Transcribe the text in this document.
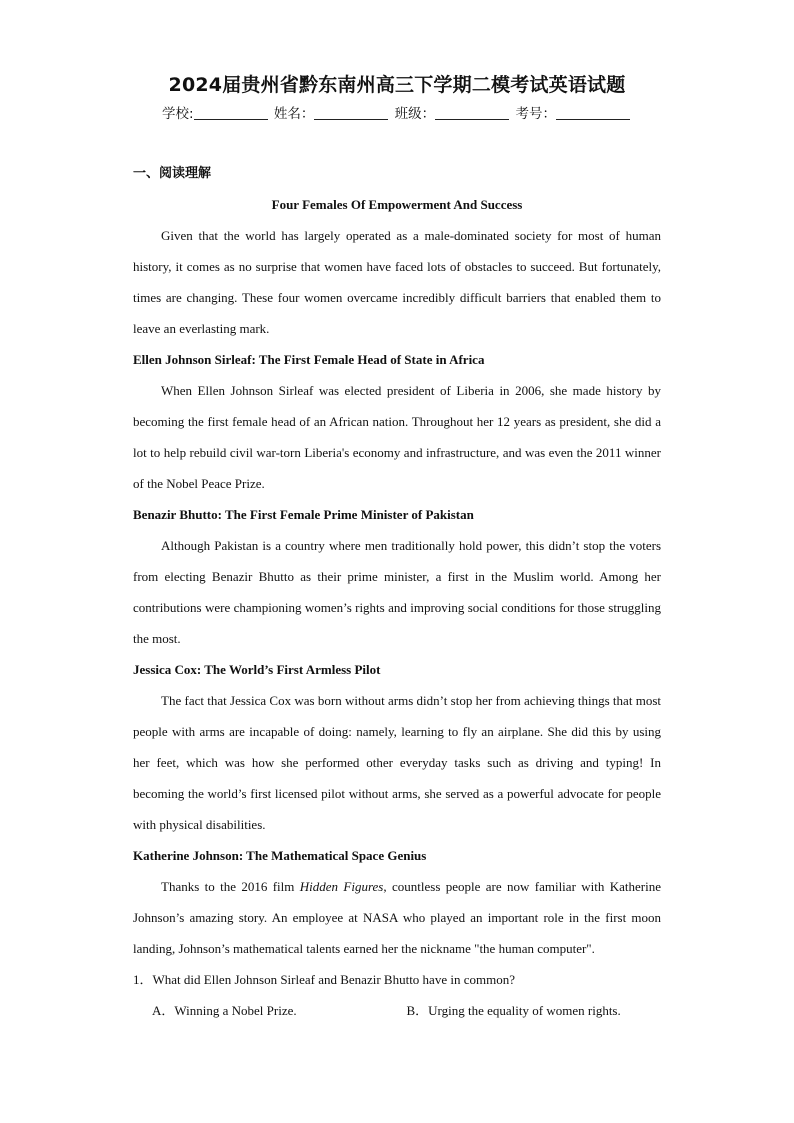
2024届贵州省黔东南州高三下学期二模考试英语试题
学校:	姓名：	班级：	考号：
一、阅读理解
Four Females Of Empowerment And Success

Given that the world has largely operated as a male-dominated society for most of human history, it comes as no surprise that women have faced lots of obstacles to succeed. But fortunately, times are changing. These four women overcame incredibly difficult barriers that enabled them to leave an everlasting mark.

Ellen Johnson Sirleaf: The First Female Head of State in Africa

When Ellen Johnson Sirleaf was elected president of Liberia in 2006, she made history by becoming the first female head of an African nation. Throughout her 12 years as president, she did a lot to help rebuild civil war-torn Liberia's economy and infrastructure, and was even the 2011 winner of the Nobel Peace Prize.

Benazir Bhutto: The First Female Prime Minister of Pakistan

Although Pakistan is a country where men traditionally hold power, this didn’t stop the voters from electing Benazir Bhutto as their prime minister, a first in the Muslim world. Among her contributions were championing women’s rights and improving social conditions for those struggling the most.

Jessica Cox: The World’s First Armless Pilot

The fact that Jessica Cox was born without arms didn’t stop her from achieving things that most people with arms are incapable of doing: namely, learning to fly an airplane. She did this by using her feet, which was how she performed other everyday tasks such as driving and typing! In becoming the world’s first licensed pilot without arms, she served as a powerful advocate for people with physical disabilities.

Katherine Johnson: The Mathematical Space Genius

Thanks to the 2016 film Hidden Figures, countless people are now familiar with Katherine Johnson’s amazing story. An employee at NASA who played an important role in the first moon landing, Johnson’s mathematical talents earned her the nickname "the human computer".

1．What did Ellen Johnson Sirleaf and Benazir Bhutto have in common?
A．Winning a Nobel Prize.	B．Urging the equality of women rights.
